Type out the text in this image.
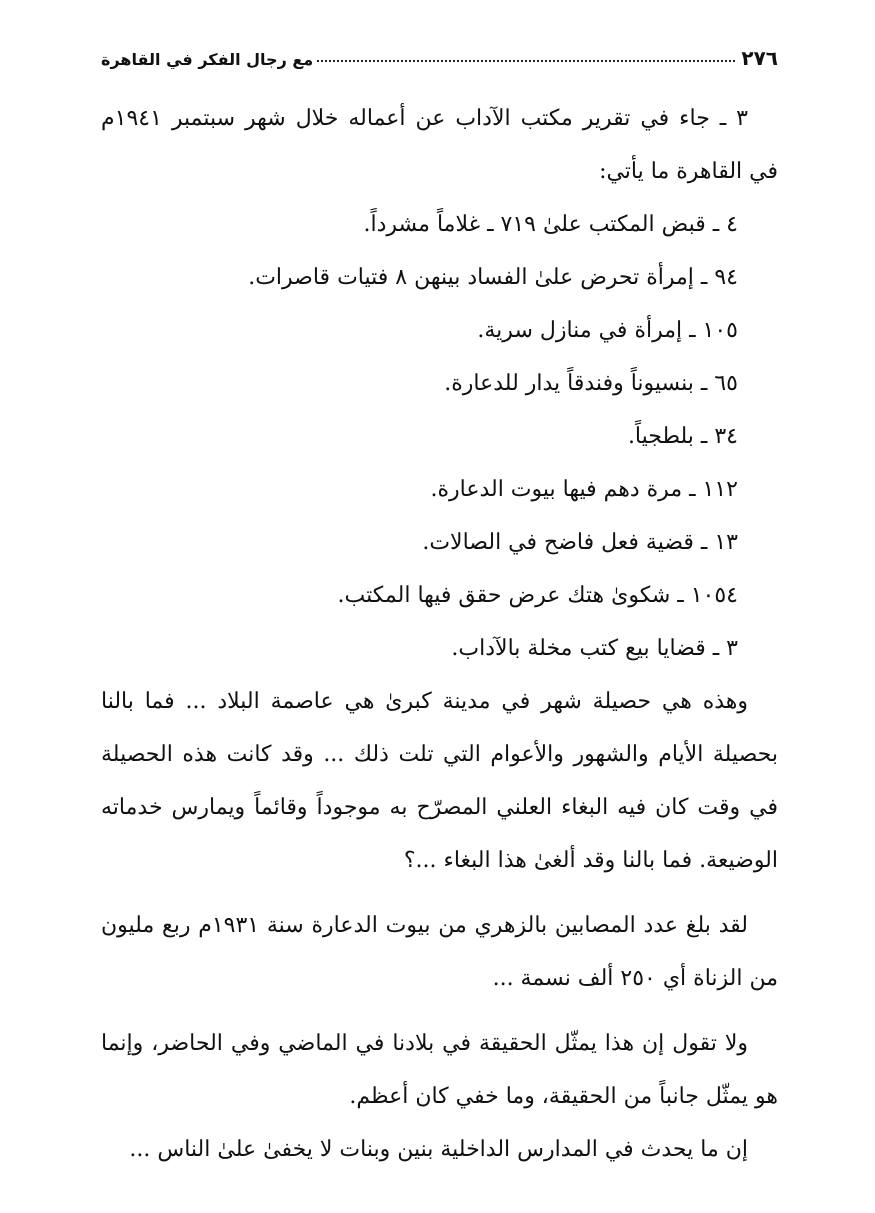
٢٧٦
مع رجال الفكر في القاهرة

٣ ـ جاء في تقرير مكتب الآداب عن أعماله خلال شهر سبتمبر ١٩٤١م في القاهرة ما يأتي:

٤ ـ قبض المكتب علىٰ ٧١٩ ـ غلاماً مشرداً.
٩٤ ـ إمرأة تحرض علىٰ الفساد بينهن ٨ فتيات قاصرات.
١٠٥ ـ إمرأة في منازل سرية.
٦٥ ـ بنسيوناً وفندقاً يدار للدعارة.
٣٤ ـ بلطجياً.
١١٢ ـ مرة دهم فيها بيوت الدعارة.
١٣ ـ قضية فعل فاضح في الصالات.
١٠٥٤ ـ شكوىٰ هتك عرض حقق فيها المكتب.
٣ ـ قضايا بيع كتب مخلة بالآداب.

وهذه هي حصيلة شهر في مدينة كبرىٰ هي عاصمة البلاد ... فما بالنا بحصيلة الأيام والشهور والأعوام التي تلت ذلك ... وقد كانت هذه الحصيلة في وقت كان فيه البغاء العلني المصرّح به موجوداً وقائماً ويمارس خدماته الوضيعة. فما بالنا وقد ألغىٰ هذا البغاء ...؟

لقد بلغ عدد المصابين بالزهري من بيوت الدعارة سنة ١٩٣١م ربع مليون من الزناة أي ٢٥٠ ألف نسمة ...

ولا تقول إن هذا يمثّل الحقيقة في بلادنا في الماضي وفي الحاضر، وإنما هو يمثّل جانباً من الحقيقة، وما خفي كان أعظم.

إن ما يحدث في المدارس الداخلية بنين وبنات لا يخفىٰ علىٰ الناس ...
